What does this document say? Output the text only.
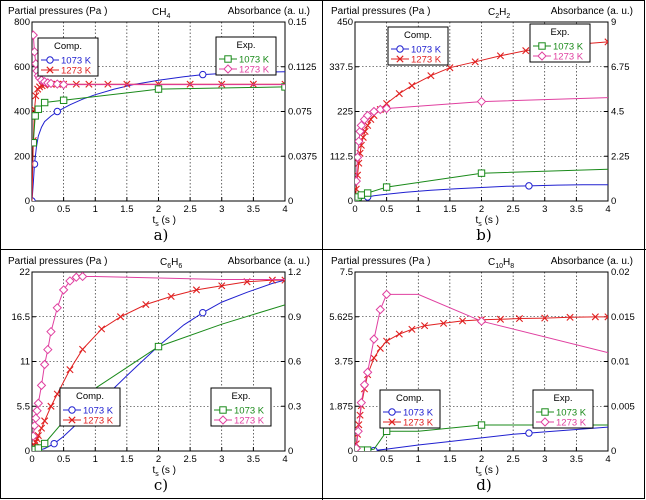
Partial pressures (Pa )	Absorbance (a. u.)
$CH_4$
0 0.5 1 1.5 2 2.5 3 3.5 4
0
200
400
600
800
0
0.0375
0.075
0.1125
0.15
$t_s$ (s )
a)
Comp.
1073 K
1273 K
Exp.
1073 K
1273 K
Partial pressures (Pa )	Absorbance (a. u.)
$C_2H_2$
0 0.5 1 1.5 2 2.5 3 3.5 4
0
112.5
225
337.5
450
0
2.25
4.5
6.75
9
$t_s$ (s )
b)
Comp.
1073 K
1273 K
Exp.
1073 K
1273 K
Partial pressures (Pa )	Absorbance (a. u.)
$C_6H_6$
0 0.5 1 1.5 2 2.5 3 3.5 4
0
5.5
11
16.5
22
0
0.3
0.6
0.9
1.2
$t_s$ (s )
c)
Comp.
1073 K
1273 K
Exp.
1073 K
1273 K
Partial pressures (Pa )	Absorbance (a. u.)
$C_{10}H_8$
0 0.5 1 1.5 2 2.5 3 3.5 4
0
1.875
3.75
5.625
7.5
0
0.005
0.01
0.015
0.02
$t_s$ (s )
d)
Comp.
1073 K
1273 K
Exp.
1073 K
1273 K
